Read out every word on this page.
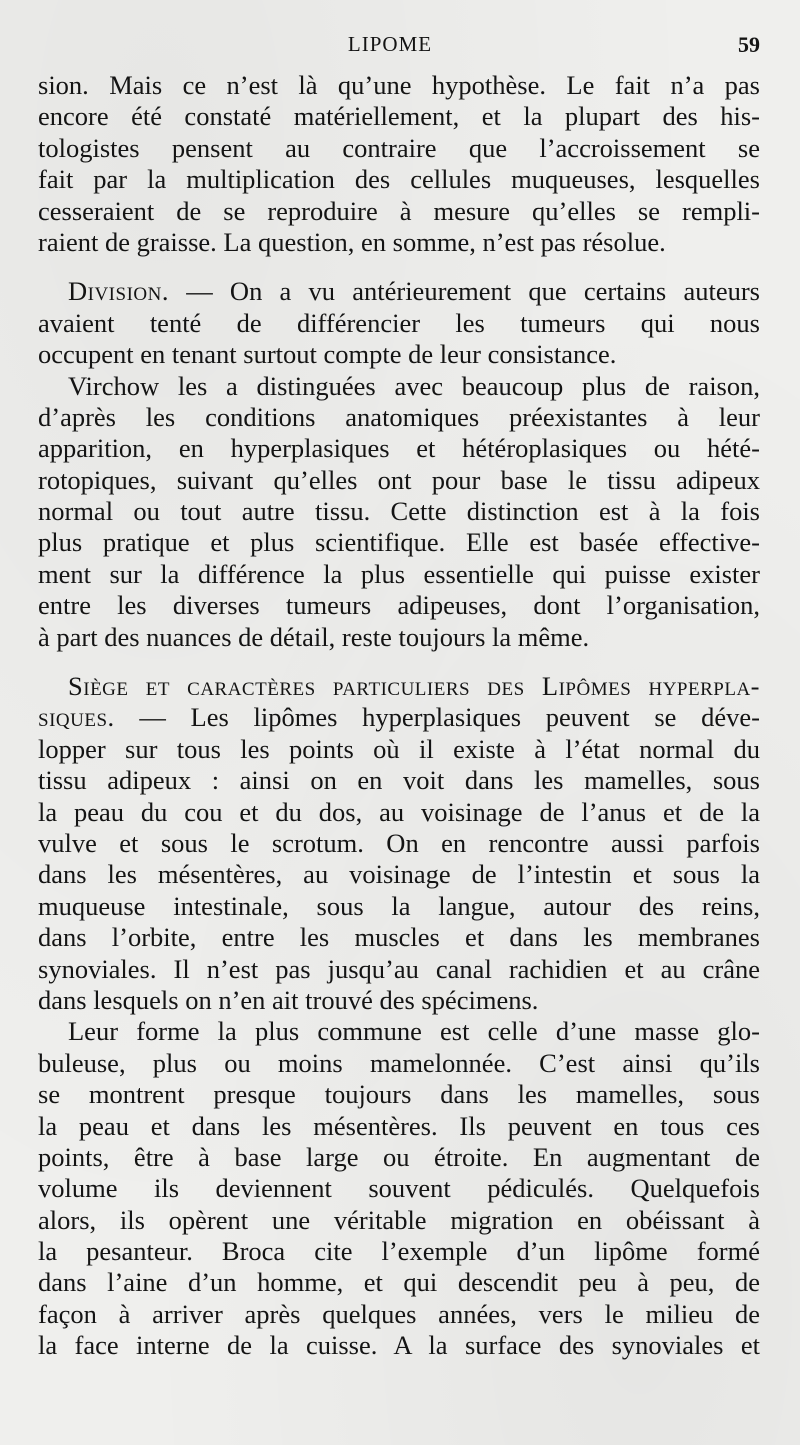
LIPOME	59
sion. Mais ce n’est là qu’une hypothèse. Le fait n’a pas
encore été constaté matériellement, et la plupart des his-
tologistes pensent au contraire que l’accroissement se
fait par la multiplication des cellules muqueuses, lesquelles
cesseraient de se reproduire à mesure qu’elles se rempli-
raient de graisse. La question, en somme, n’est pas résolue.
Division. — On a vu antérieurement que certains auteurs
avaient tenté de différencier les tumeurs qui nous
occupent en tenant surtout compte de leur consistance.
Virchow les a distinguées avec beaucoup plus de raison,
d’après les conditions anatomiques préexistantes à leur
apparition, en hyperplasiques et hétéroplasiques ou hété-
rotopiques, suivant qu’elles ont pour base le tissu adipeux
normal ou tout autre tissu. Cette distinction est à la fois
plus pratique et plus scientifique. Elle est basée effective-
ment sur la différence la plus essentielle qui puisse exister
entre les diverses tumeurs adipeuses, dont l’organisation,
à part des nuances de détail, reste toujours la même.
Siège et caractères particuliers des Lipômes hyperpla-
siques. — Les lipômes hyperplasiques peuvent se déve-
lopper sur tous les points où il existe à l’état normal du
tissu adipeux : ainsi on en voit dans les mamelles, sous
la peau du cou et du dos, au voisinage de l’anus et de la
vulve et sous le scrotum. On en rencontre aussi parfois
dans les mésentères, au voisinage de l’intestin et sous la
muqueuse intestinale, sous la langue, autour des reins,
dans l’orbite, entre les muscles et dans les membranes
synoviales. Il n’est pas jusqu’au canal rachidien et au crâne
dans lesquels on n’en ait trouvé des spécimens.
Leur forme la plus commune est celle d’une masse glo-
buleuse, plus ou moins mamelonnée. C’est ainsi qu’ils
se montrent presque toujours dans les mamelles, sous
la peau et dans les mésentères. Ils peuvent en tous ces
points, être à base large ou étroite. En augmentant de
volume ils deviennent souvent pédiculés. Quelquefois
alors, ils opèrent une véritable migration en obéissant à
la pesanteur. Broca cite l’exemple d’un lipôme formé
dans l’aine d’un homme, et qui descendit peu à peu, de
façon à arriver après quelques années, vers le milieu de
la face interne de la cuisse. A la surface des synoviales et
